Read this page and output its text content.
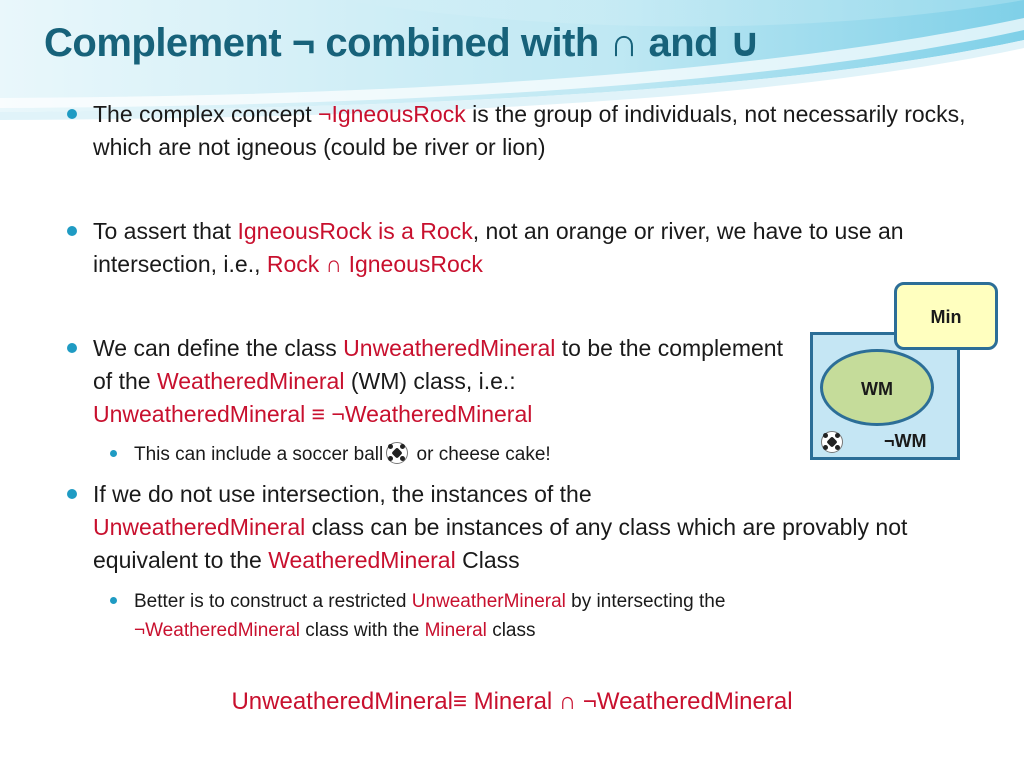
Complement ¬ combined with ∩ and ∪
The complex concept ¬IgneousRock is the group of individuals, not necessarily rocks, which are not igneous (could be river or lion)
To assert that IgneousRock is a Rock, not an orange or river, we have to use an intersection, i.e., Rock ∩ IgneousRock
We can define the class UnweatheredMineral to be the complement of the WeatheredMineral (WM) class, i.e.:
UnweatheredMineral ≡ ¬WeatheredMineral
This can include a soccer ball or cheese cake!
If we do not use intersection, the instances of the
UnweatheredMineral class can be instances of any class which are provably not equivalent to the WeatheredMineral Class
Better is to construct a restricted UnweatherMineral by intersecting the
¬WeatheredMineral class with the Mineral class
UnweatheredMineral≡ Mineral ∩ ¬WeatheredMineral
Min
WM
¬WM
